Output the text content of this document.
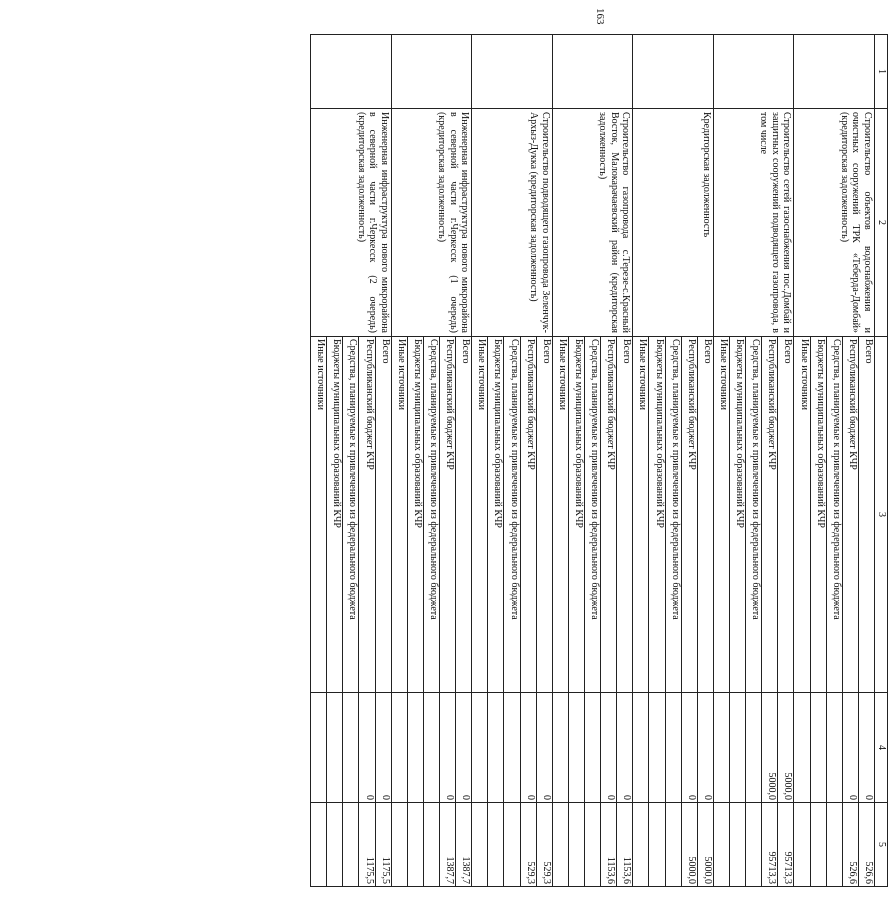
163
1	2	3	4	5
	Строительство объектов водоснабжения и очистных сооружений ТРК «Теберда-Домбай» (кредиторская задолженность)	Всего	0	526,6
		Республиканский бюджет КЧР	0	526,6
		Средства, планируемые к привлечению из федерального бюджета		
		Бюджеты муниципальных образований КЧР		
		Иные источники		
	Строительство сетей газоснабжения пос.Домбай и защитных сооружений подводящего газопровода, в том числе	Всего	5000,0	95713,3
		Республиканский бюджет КЧР	5000,0	95713,3
		Средства, планируемые к привлечению из федерального бюджета		
		Бюджеты муниципальных образований КЧР		
		Иные источники		
	Кредиторская задолженность	Всего	0	5000,0
		Республиканский бюджет КЧР	0	5000,0
		Средства, планируемые к привлечению из федерального бюджета		
		Бюджеты муниципальных образований КЧР		
		Иные источники		
	Строительство газопровода с.Терезе-с.Красный Восток, Малокарачаевский район (кредиторская задолженность)	Всего	0	1153,6
		Республиканский бюджет КЧР	0	1153,6
		Средства, планируемые к привлечению из федерального бюджета		
		Бюджеты муниципальных образований КЧР		
		Иные источники		
	Строительство подводящего газопровода Зеленчук-Архыз-Дукка (кредиторская задолженность)	Всего	0	529,3
		Республиканский бюджет КЧР	0	529,3
		Средства, планируемые к привлечению из федерального бюджета		
		Бюджеты муниципальных образований КЧР		
		Иные источники		
	Инженерная инфраструктура нового микрорайона в северной части г.Черкесск (1 очередь) (кредиторская задолженность)	Всего	0	1387,7
		Республиканский бюджет КЧР	0	1387,7
		Средства, планируемые к привлечению из федерального бюджета		
		Бюджеты муниципальных образований КЧР		
		Иные источники		
	Инженерная инфраструктура нового микрорайона в северной части г.Черкесск (2 очередь) (кредиторская задолженность)	Всего	0	1175,5
		Республиканский бюджет КЧР	0	1175,5
		Средства, планируемые к привлечению из федерального бюджета		
		Бюджеты муниципальных образований КЧР		
		Иные источники		
